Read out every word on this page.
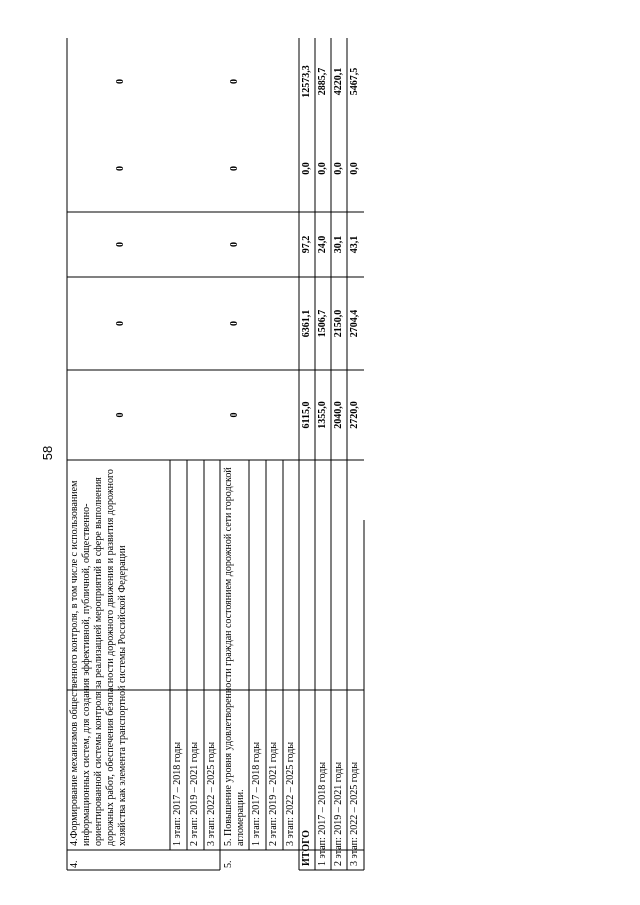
58
4.
4.Формирование механизмов общественного контроля, в том числе с использованием информационных систем, для создания эффективной, публичной, общественно-ориентированной системы контроля за реализацией мероприятий в сфере выполнения дорожных работ, обеспечения безопасности дорожного движения и развития дорожного хозяйства как элемента транспортной системы Российской Федерации	1 этап: 2017 – 2018 годы 2 этап: 2019 – 2021 годы 3 этап: 2022 – 2025 годы
0
0
0
0
0
5.
5. Повышение уровня удовлетворенности граждан состоянием дорожной сети городской агломерации. 1 этап: 2017 – 2018 годы 2 этап: 2019 – 2021 годы 3 этап: 2022 – 2025 годы
0
0
0
0
0
ИТОГО
6115,0
6361,1
97,2
0,0
12573,3
1 этап: 2017 – 2018 годы
1355,0
1506,7
24,0
0,0
2885,7
2 этап: 2019 – 2021 годы
2040,0
2150,0
30,1
0,0
4220,1
3 этап: 2022 – 2025 годы
2720,0
2704,4
43,1
0,0
5467,5
